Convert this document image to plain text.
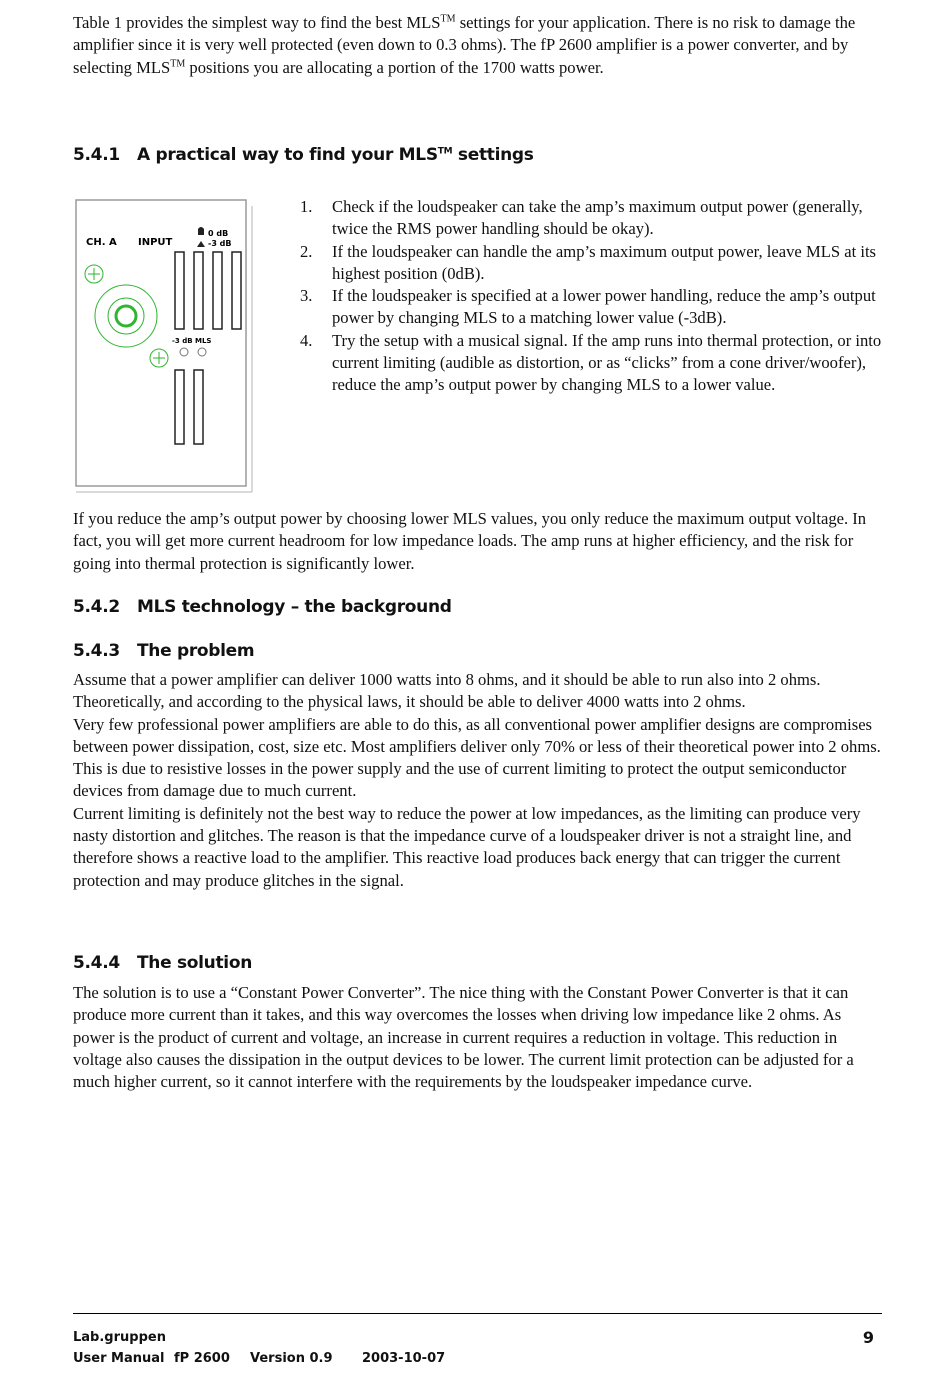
Table 1 provides the simplest way to find the best MLS™ settings for your application. There is no risk to damage the amplifier since it is very well protected (even down to 0.3 ohms). The fP 2600 amplifier is a power converter, and by selecting MLS™ positions you are allocating a portion of the 1700 watts power.

5.4.1 A practical way to find your MLS™ settings
CH. A INPUT
0 dB
-3 dB
-3 dB MLS
1.	Check if the loudspeaker can take the amp’s maximum output power (generally, twice the RMS power handling should be okay).
2.	If the loudspeaker can handle the amp’s maximum output power, leave MLS at its highest position (0dB).
3.	If the loudspeaker is specified at a lower power handling, reduce the amp’s output power by changing MLS to a matching lower value (-3dB).
4.	Try the setup with a musical signal. If the amp runs into thermal protection, or into current limiting (audible as distortion, or as “clicks” from a cone driver/woofer), reduce the amp’s output power by changing MLS to a lower value.

If you reduce the amp’s output power by choosing lower MLS values, you only reduce the maximum output voltage. In fact, you will get more current headroom for low impedance loads. The amp runs at higher efficiency, and the risk for going into thermal protection is significantly lower.

5.4.2 MLS technology – the background
5.4.3 The problem

Assume that a power amplifier can deliver 1000 watts into 8 ohms, and it should be able to run also into 2 ohms. Theoretically, and according to the physical laws, it should be able to deliver 4000 watts into 2 ohms.

Very few professional power amplifiers are able to do this, as all conventional power amplifier designs are compromises between power dissipation, cost, size etc. Most amplifiers deliver only 70% or less of their theoretical power into 2 ohms. This is due to resistive losses in the power supply and the use of current limiting to protect the output semiconductor devices from damage due to much current.

Current limiting is definitely not the best way to reduce the power at low impedances, as the limiting can produce very nasty distortion and glitches. The reason is that the impedance curve of a loudspeaker driver is not a straight line, and therefore shows a reactive load to the amplifier. This reactive load produces back energy that can trigger the current protection and may produce glitches in the signal.

5.4.4 The solution

The solution is to use a “Constant Power Converter”. The nice thing with the Constant Power Converter is that it can produce more current than it takes, and this way overcomes the losses when driving low impedance like 2 ohms. As power is the product of current and voltage, an increase in current requires a reduction in voltage. This reduction in voltage also causes the dissipation in the output devices to be lower. The current limit protection can be adjusted for a much higher current, so it cannot interfere with the requirements by the loudspeaker impedance curve.

Lab.gruppen	9
User Manual fP 2600 Version 0.9 2003-10-07
